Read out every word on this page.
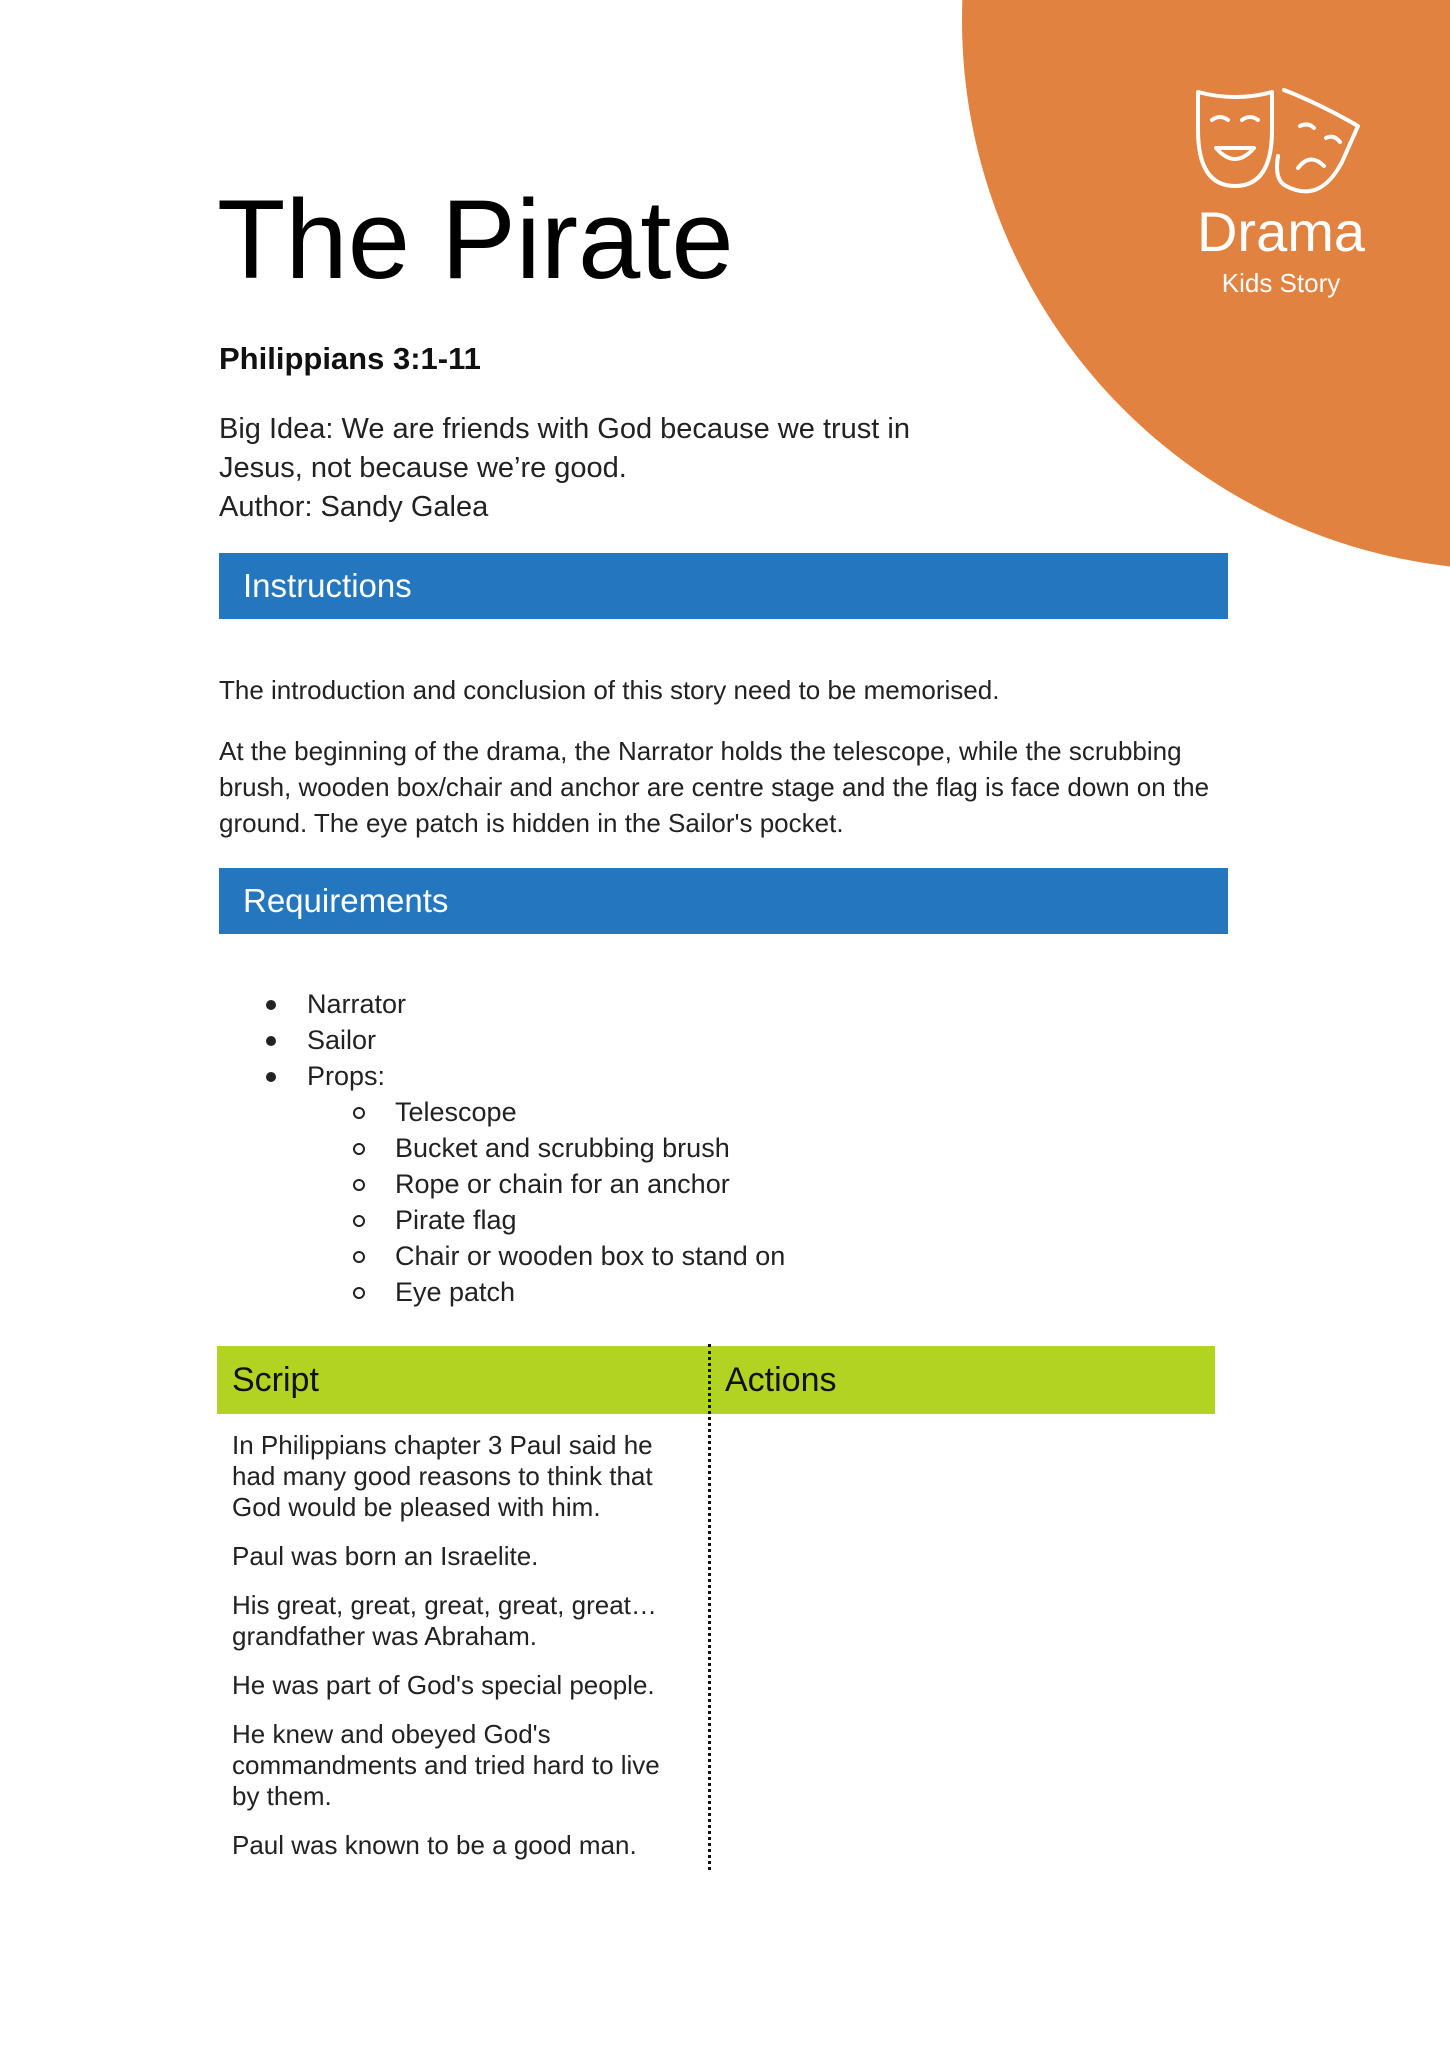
Drama
Kids Story
The Pirate
Philippians 3:1-11
Big Idea: We are friends with God because we trust in
Jesus, not because we’re good.
Author: Sandy Galea
Instructions

The introduction and conclusion of this story need to be memorised.

At the beginning of the drama, the Narrator holds the telescope, while the scrubbing brush, wooden box/chair and anchor are centre stage and the flag is face down on the ground. The eye patch is hidden in the Sailor's pocket.

Requirements
Narrator
Sailor
Props:
Telescope
Bucket and scrubbing brush
Rope or chain for an anchor
Pirate flag
Chair or wooden box to stand on
Eye patch
Script	Actions

In Philippians chapter 3 Paul said he had many good reasons to think that God would be pleased with him.

Paul was born an Israelite.

His great, great, great, great, great… grandfather was Abraham.

He was part of God's special people.

He knew and obeyed God's commandments and tried hard to live by them.

Paul was known to be a good man.
